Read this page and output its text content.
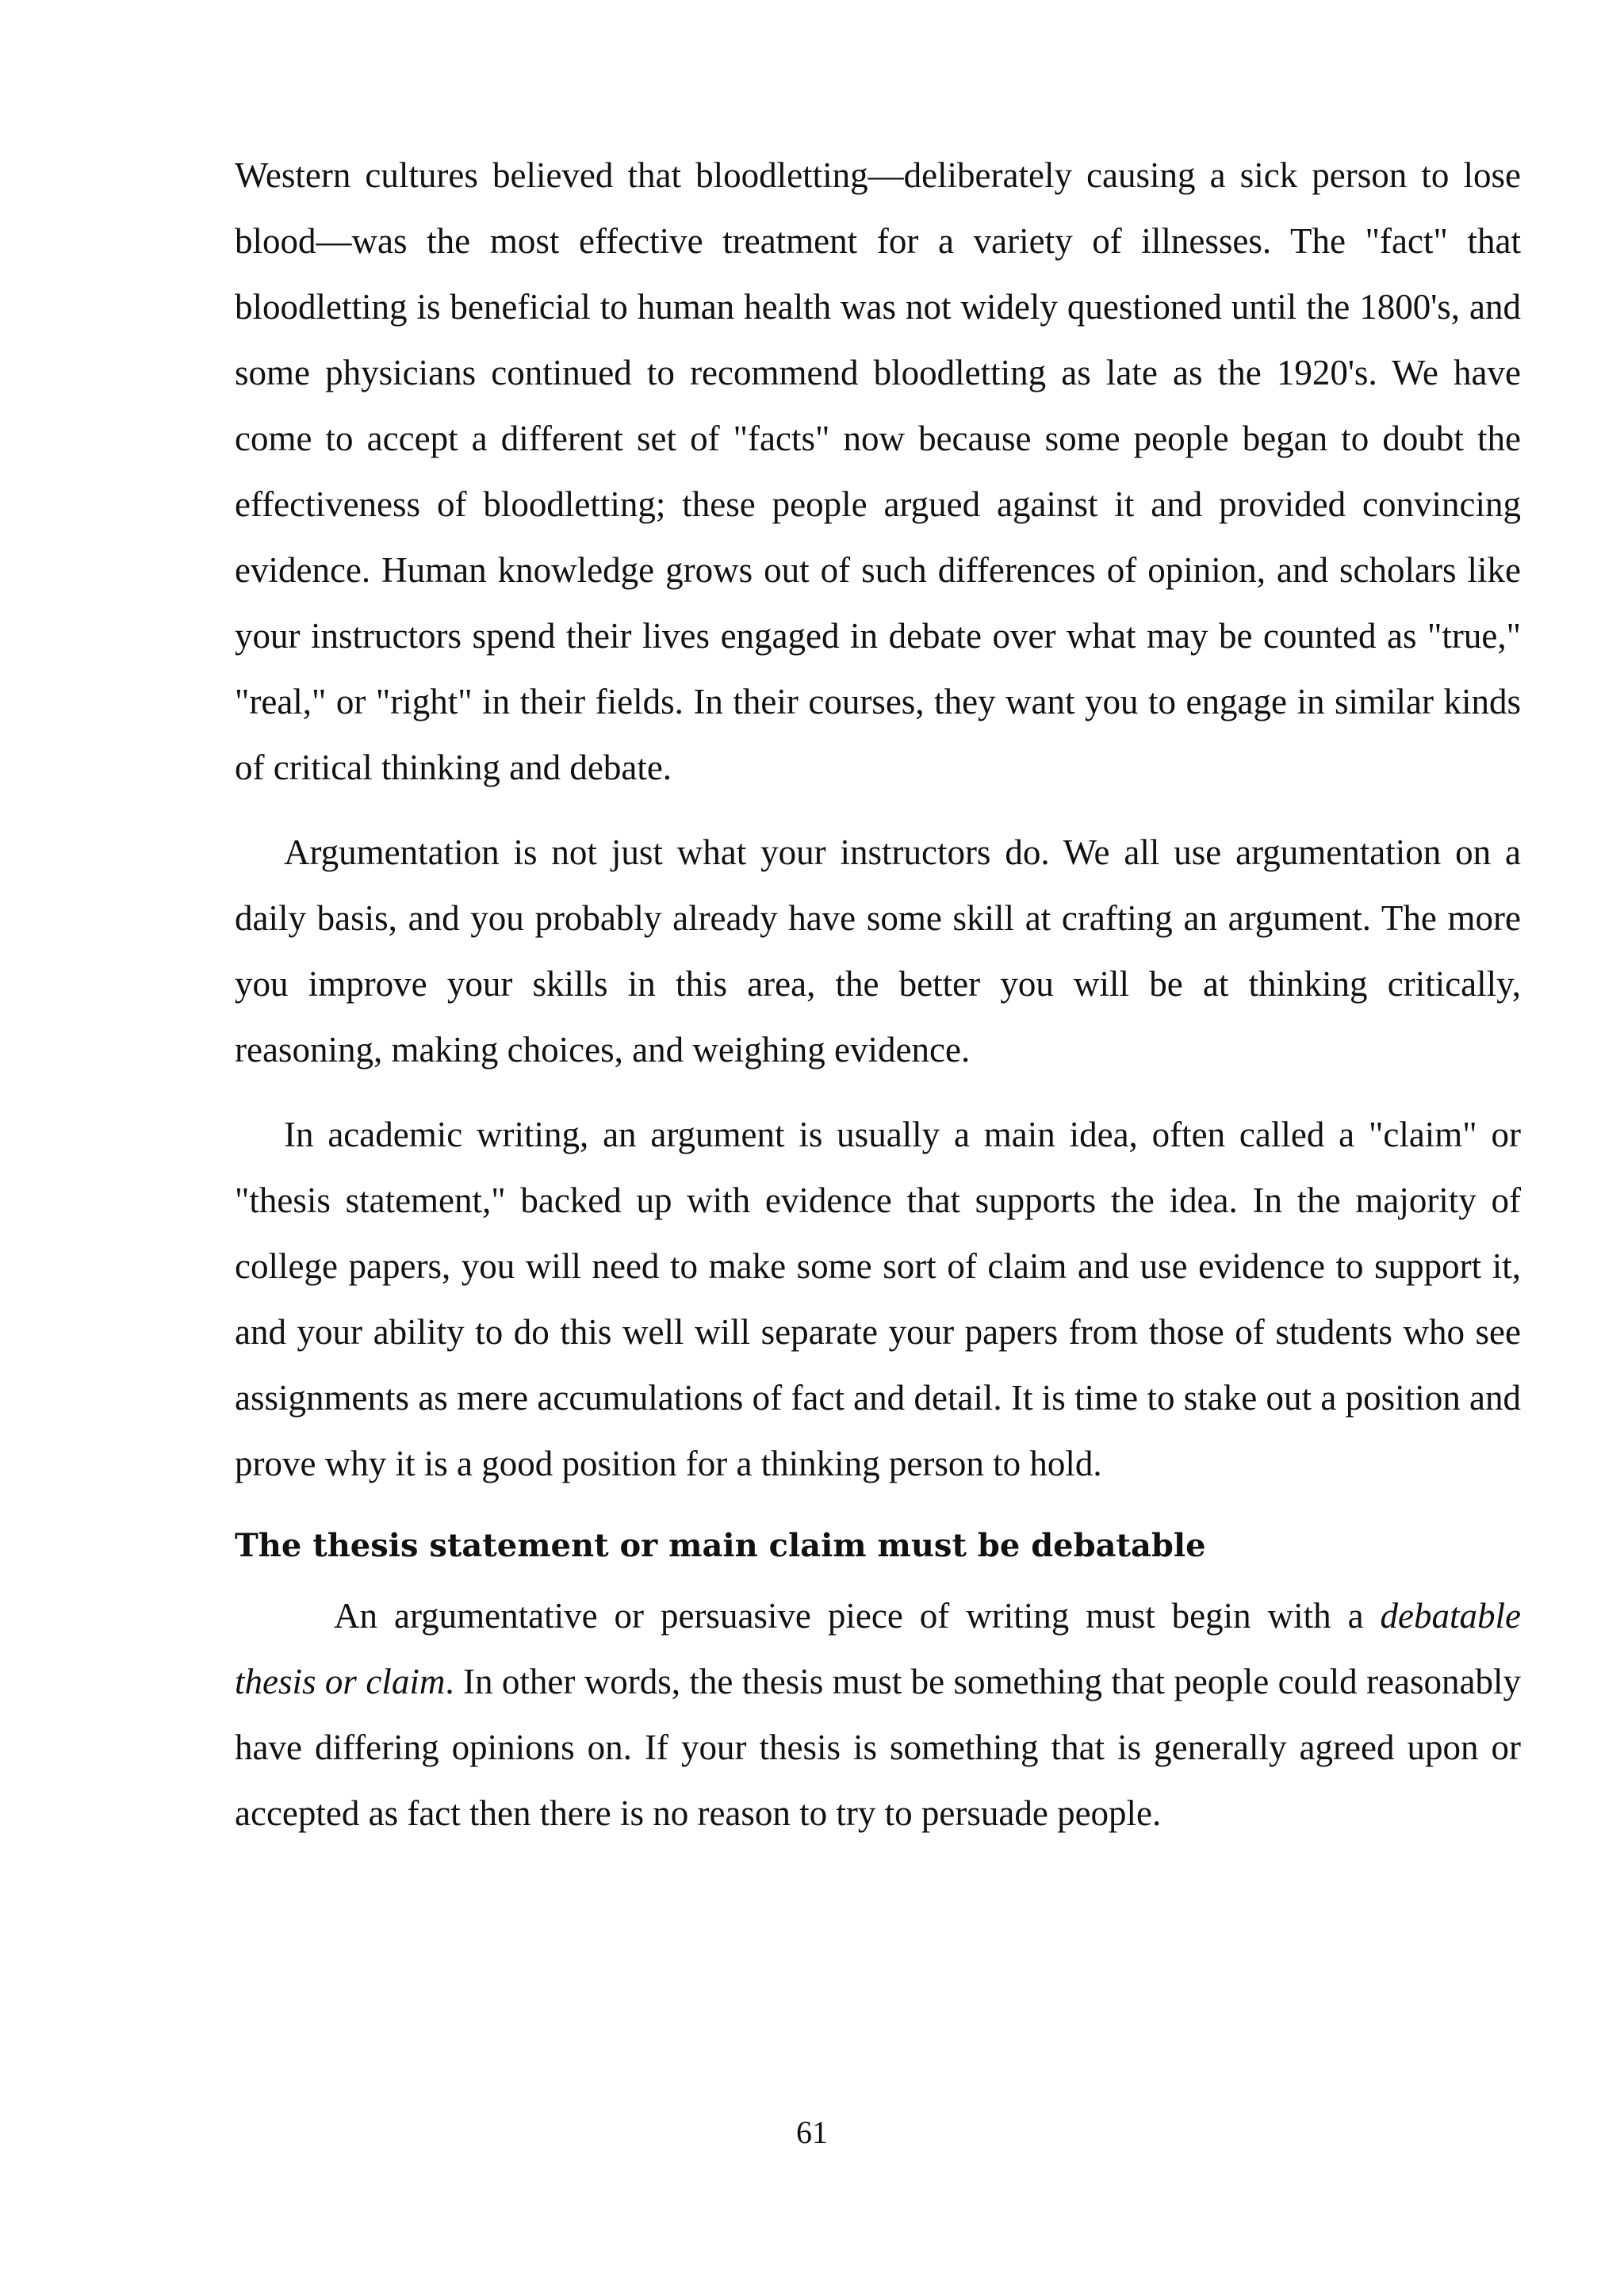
Western cultures believed that bloodletting—deliberately causing a sick person to lose blood—was the most effective treatment for a variety of illnesses. The "fact" that bloodletting is beneficial to human health was not widely questioned until the 1800's, and some physicians continued to recommend bloodletting as late as the 1920's. We have come to accept a different set of "facts" now because some people began to doubt the effectiveness of bloodletting; these people argued against it and provided convincing evidence. Human knowledge grows out of such differences of opinion, and scholars like your instructors spend their lives engaged in debate over what may be counted as "true," "real," or "right" in their fields. In their courses, they want you to engage in similar kinds of critical thinking and debate.

Argumentation is not just what your instructors do. We all use argumentation on a daily basis, and you probably already have some skill at crafting an argument. The more you improve your skills in this area, the better you will be at thinking critically, reasoning, making choices, and weighing evidence.

In academic writing, an argument is usually a main idea, often called a "claim" or "thesis statement," backed up with evidence that supports the idea. In the majority of college papers, you will need to make some sort of claim and use evidence to support it, and your ability to do this well will separate your papers from those of students who see assignments as mere accumulations of fact and detail. It is time to stake out a position and prove why it is a good position for a thinking person to hold.

The thesis statement or main claim must be debatable

An argumentative or persuasive piece of writing must begin with a debatable thesis or claim. In other words, the thesis must be something that people could reasonably have differing opinions on. If your thesis is something that is generally agreed upon or accepted as fact then there is no reason to try to persuade people.

61
